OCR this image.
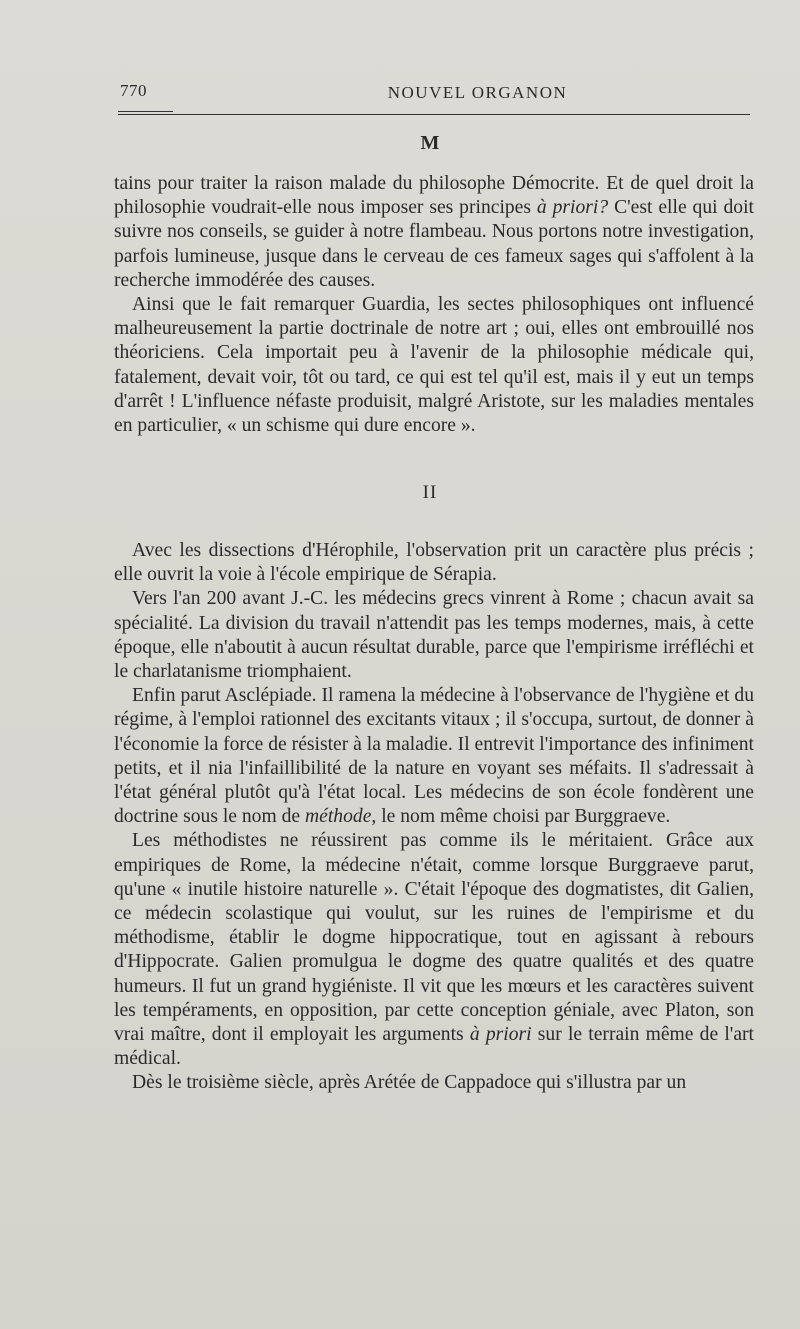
770	NOUVEL ORGANON
M

tains pour traiter la raison malade du philosophe Démocrite. Et de quel droit la philosophie voudrait-elle nous imposer ses principes à priori? C'est elle qui doit suivre nos conseils, se guider à notre flambeau. Nous portons notre investigation, parfois lumineuse, jusque dans le cerveau de ces fameux sages qui s'affolent à la recherche immodérée des causes.

Ainsi que le fait remarquer Guardia, les sectes philosophiques ont influencé malheureusement la partie doctrinale de notre art ; oui, elles ont embrouillé nos théoriciens. Cela importait peu à l'avenir de la philosophie médicale qui, fatalement, devait voir, tôt ou tard, ce qui est tel qu'il est, mais il y eut un temps d'arrêt ! L'influence néfaste produisit, malgré Aristote, sur les maladies mentales en particulier, « un schisme qui dure encore ».

II

Avec les dissections d'Hérophile, l'observation prit un caractère plus précis ; elle ouvrit la voie à l'école empirique de Sérapia.

Vers l'an 200 avant J.-C. les médecins grecs vinrent à Rome ; chacun avait sa spécialité. La division du travail n'attendit pas les temps modernes, mais, à cette époque, elle n'aboutit à aucun résultat durable, parce que l'empirisme irréfléchi et le charlatanisme triomphaient.

Enfin parut Asclépiade. Il ramena la médecine à l'observance de l'hygiène et du régime, à l'emploi rationnel des excitants vitaux ; il s'occupa, surtout, de donner à l'économie la force de résister à la maladie. Il entrevit l'importance des infiniment petits, et il nia l'infaillibilité de la nature en voyant ses méfaits. Il s'adressait à l'état général plutôt qu'à l'état local. Les médecins de son école fondèrent une doctrine sous le nom de méthode, le nom même choisi par Burggraeve.

Les méthodistes ne réussirent pas comme ils le méritaient. Grâce aux empiriques de Rome, la médecine n'était, comme lorsque Burggraeve parut, qu'une « inutile histoire naturelle ». C'était l'époque des dogmatistes, dit Galien, ce médecin scolastique qui voulut, sur les ruines de l'empirisme et du méthodisme, établir le dogme hippocratique, tout en agissant à rebours d'Hippocrate. Galien promulgua le dogme des quatre qualités et des quatre humeurs. Il fut un grand hygiéniste. Il vit que les mœurs et les caractères suivent les tempéraments, en opposition, par cette conception géniale, avec Platon, son vrai maître, dont il employait les arguments à priori sur le terrain même de l'art médical.

Dès le troisième siècle, après Arétée de Cappadoce qui s'illustra par un
